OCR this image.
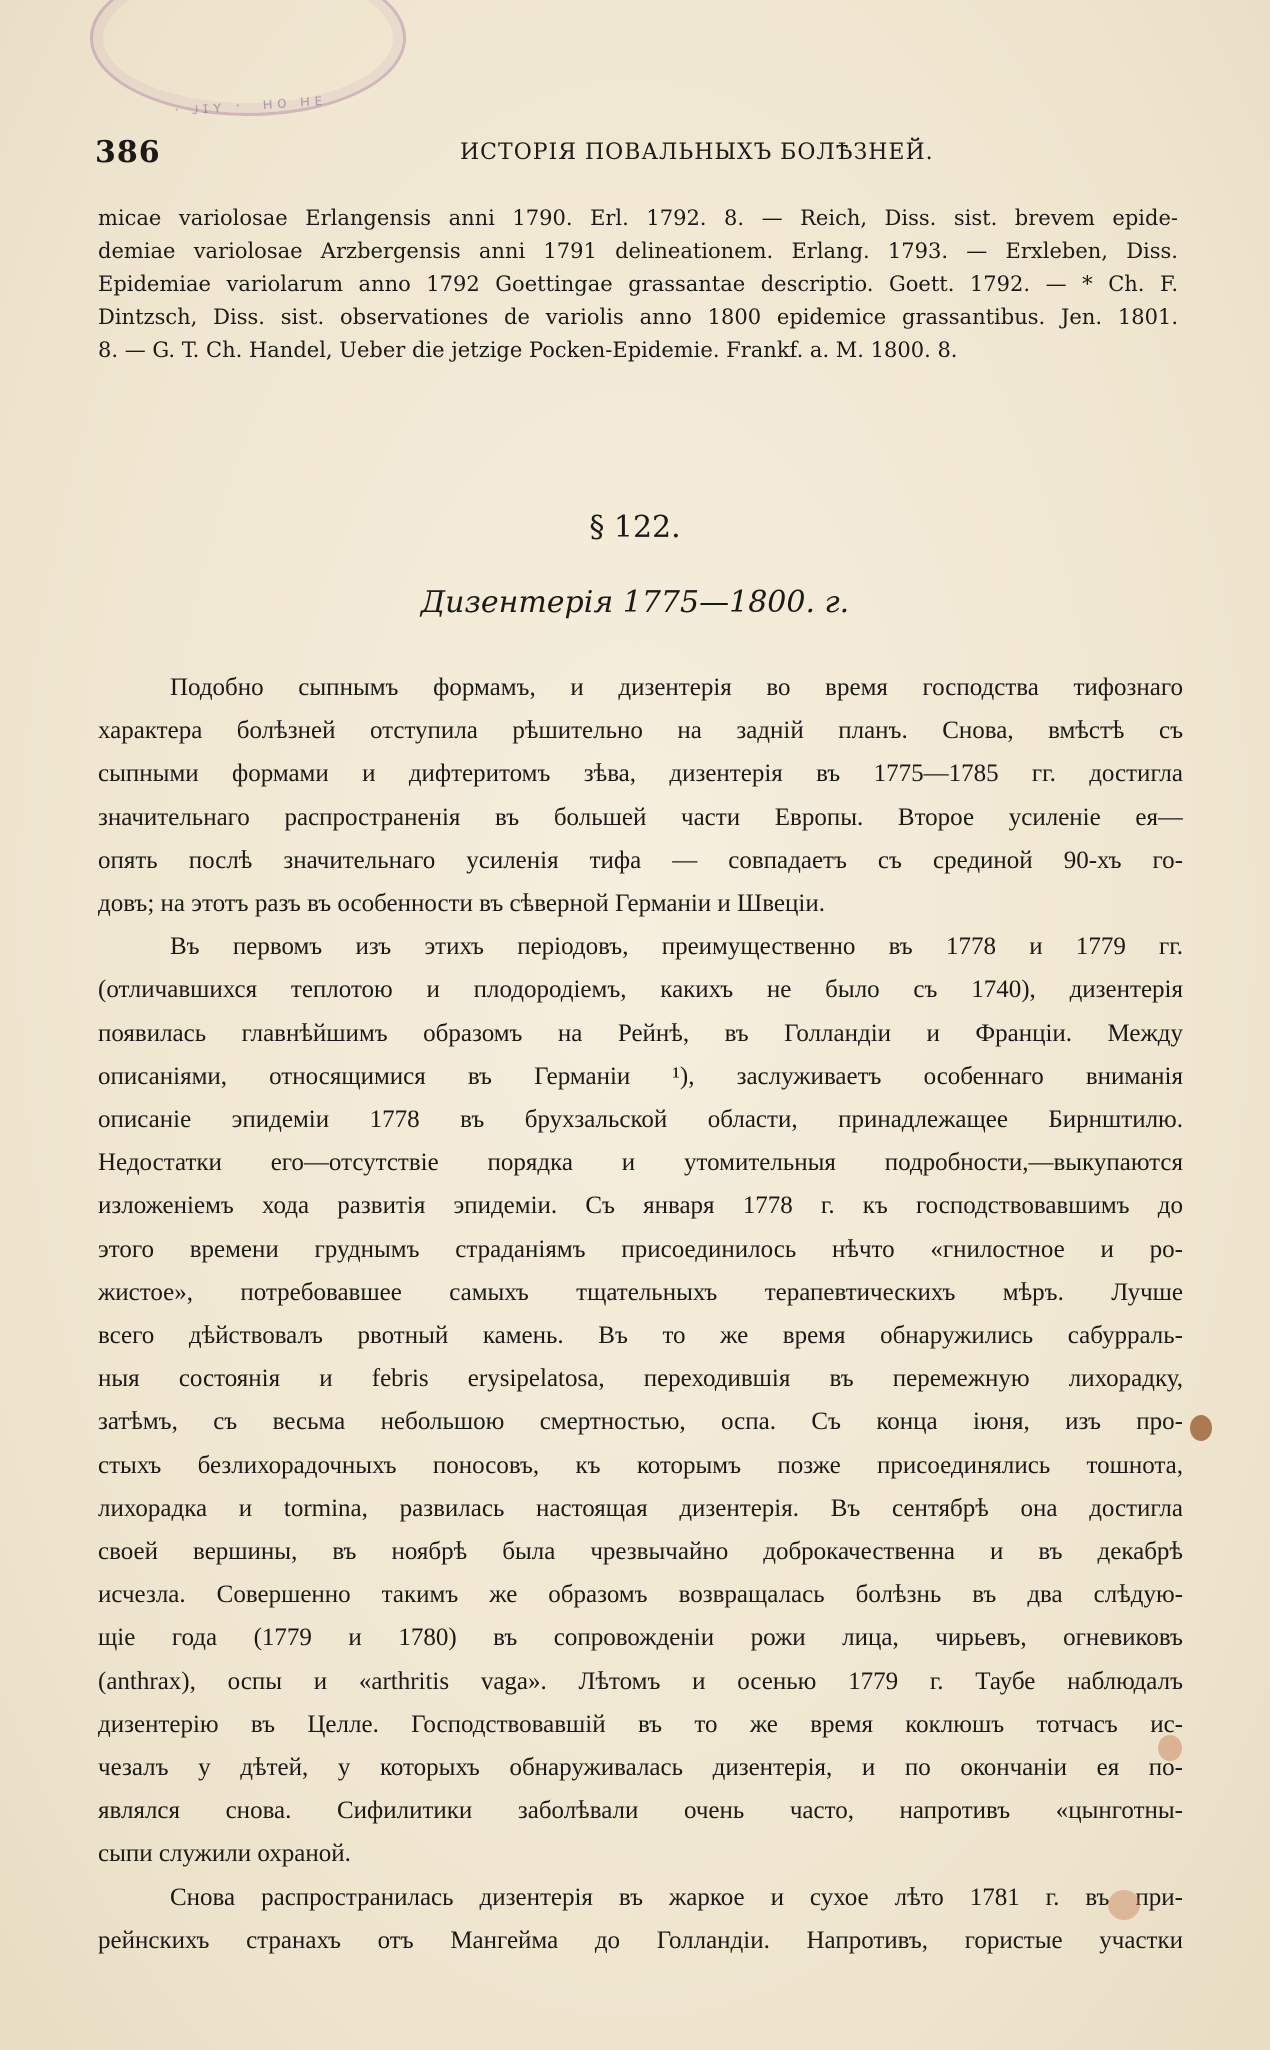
· ᴊɪʏ ·  ʜᴏ ʜᴇ
386	ИСТОРІЯ ПОВАЛЬНЫХЪ БОЛѢЗНЕЙ.
micae variolosae Erlangensis anni 1790. Erl. 1792. 8. — Reich, Diss. sist. brevem epide-
demiae variolosae Arzbergensis anni 1791 delineationem. Erlang. 1793. — Erxleben, Diss.
Epidemiae variolarum anno 1792 Goettingae grassantae descriptio. Goett. 1792. — * Ch. F.
Dintzsch, Diss. sist. observationes de variolis anno 1800 epidemice grassantibus. Jen. 1801.
8. — G. T. Ch. Handel, Ueber die jetzige Pocken-Epidemie. Frankf. a. M. 1800. 8.
§ 122.
Дизентерія 1775—1800. г.
Подобно сыпнымъ формамъ, и дизентерія во время господства тифознаго
характера болѣзней отступила рѣшительно на задній планъ. Снова, вмѣстѣ съ
сыпными формами и дифтеритомъ зѣва, дизентерія въ 1775—1785 гг. достигла
значительнаго распространенія въ большей части Европы. Второе усиленіе ея—
опять послѣ значительнаго усиленія тифа — совпадаетъ съ срединой 90-хъ го-
довъ; на этотъ разъ въ особенности въ сѣверной Германіи и Швеціи.
Въ первомъ изъ этихъ періодовъ, преимущественно въ 1778 и 1779 гг.
(отличавшихся теплотою и плодородіемъ, какихъ не было съ 1740), дизентерія
появилась главнѣйшимъ образомъ на Рейнѣ, въ Голландіи и Франціи. Между
описаніями, относящимися въ Германіи ¹), заслуживаетъ особеннаго вниманія
описаніе эпидеміи 1778 въ брухзальской области, принадлежащее Бирнштилю.
Недостатки его—отсутствіе порядка и утомительныя подробности,—выкупаются
изложеніемъ хода развитія эпидеміи. Съ января 1778 г. къ господствовавшимъ до
этого времени груднымъ страданіямъ присоединилось нѣчто «гнилостное и ро-
жистое», потребовавшее самыхъ тщательныхъ терапевтическихъ мѣръ. Лучше
всего дѣйствовалъ рвотный камень. Въ то же время обнаружились сабурраль-
ныя состоянія и febris erysipelatosa, переходившія въ перемежную лихорадку,
затѣмъ, съ весьма небольшою смертностью, оспа. Съ конца іюня, изъ про-
стыхъ безлихорадочныхъ поносовъ, къ которымъ позже присоединялись тошнота,
лихорадка и tormina, развилась настоящая дизентерія. Въ сентябрѣ она достигла
своей вершины, въ ноябрѣ была чрезвычайно доброкачественна и въ декабрѣ
исчезла. Совершенно такимъ же образомъ возвращалась болѣзнь въ два слѣдую-
щіе года (1779 и 1780) въ сопровожденіи рожи лица, чирьевъ, огневиковъ
(anthrax), оспы и «arthritis vaga». Лѣтомъ и осенью 1779 г. Таубе наблюдалъ
дизентерію въ Целле. Господствовавшій въ то же время коклюшъ тотчасъ ис-
чезалъ у дѣтей, у которыхъ обнаруживалась дизентерія, и по окончаніи ея по-
являлся снова. Сифилитики заболѣвали очень часто, напротивъ «цынготны-
сыпи служили охраной.
Снова распространилась дизентерія въ жаркое и сухое лѣто 1781 г. въ при-
рейнскихъ странахъ отъ Мангейма до Голландіи. Напротивъ, гористые участки
